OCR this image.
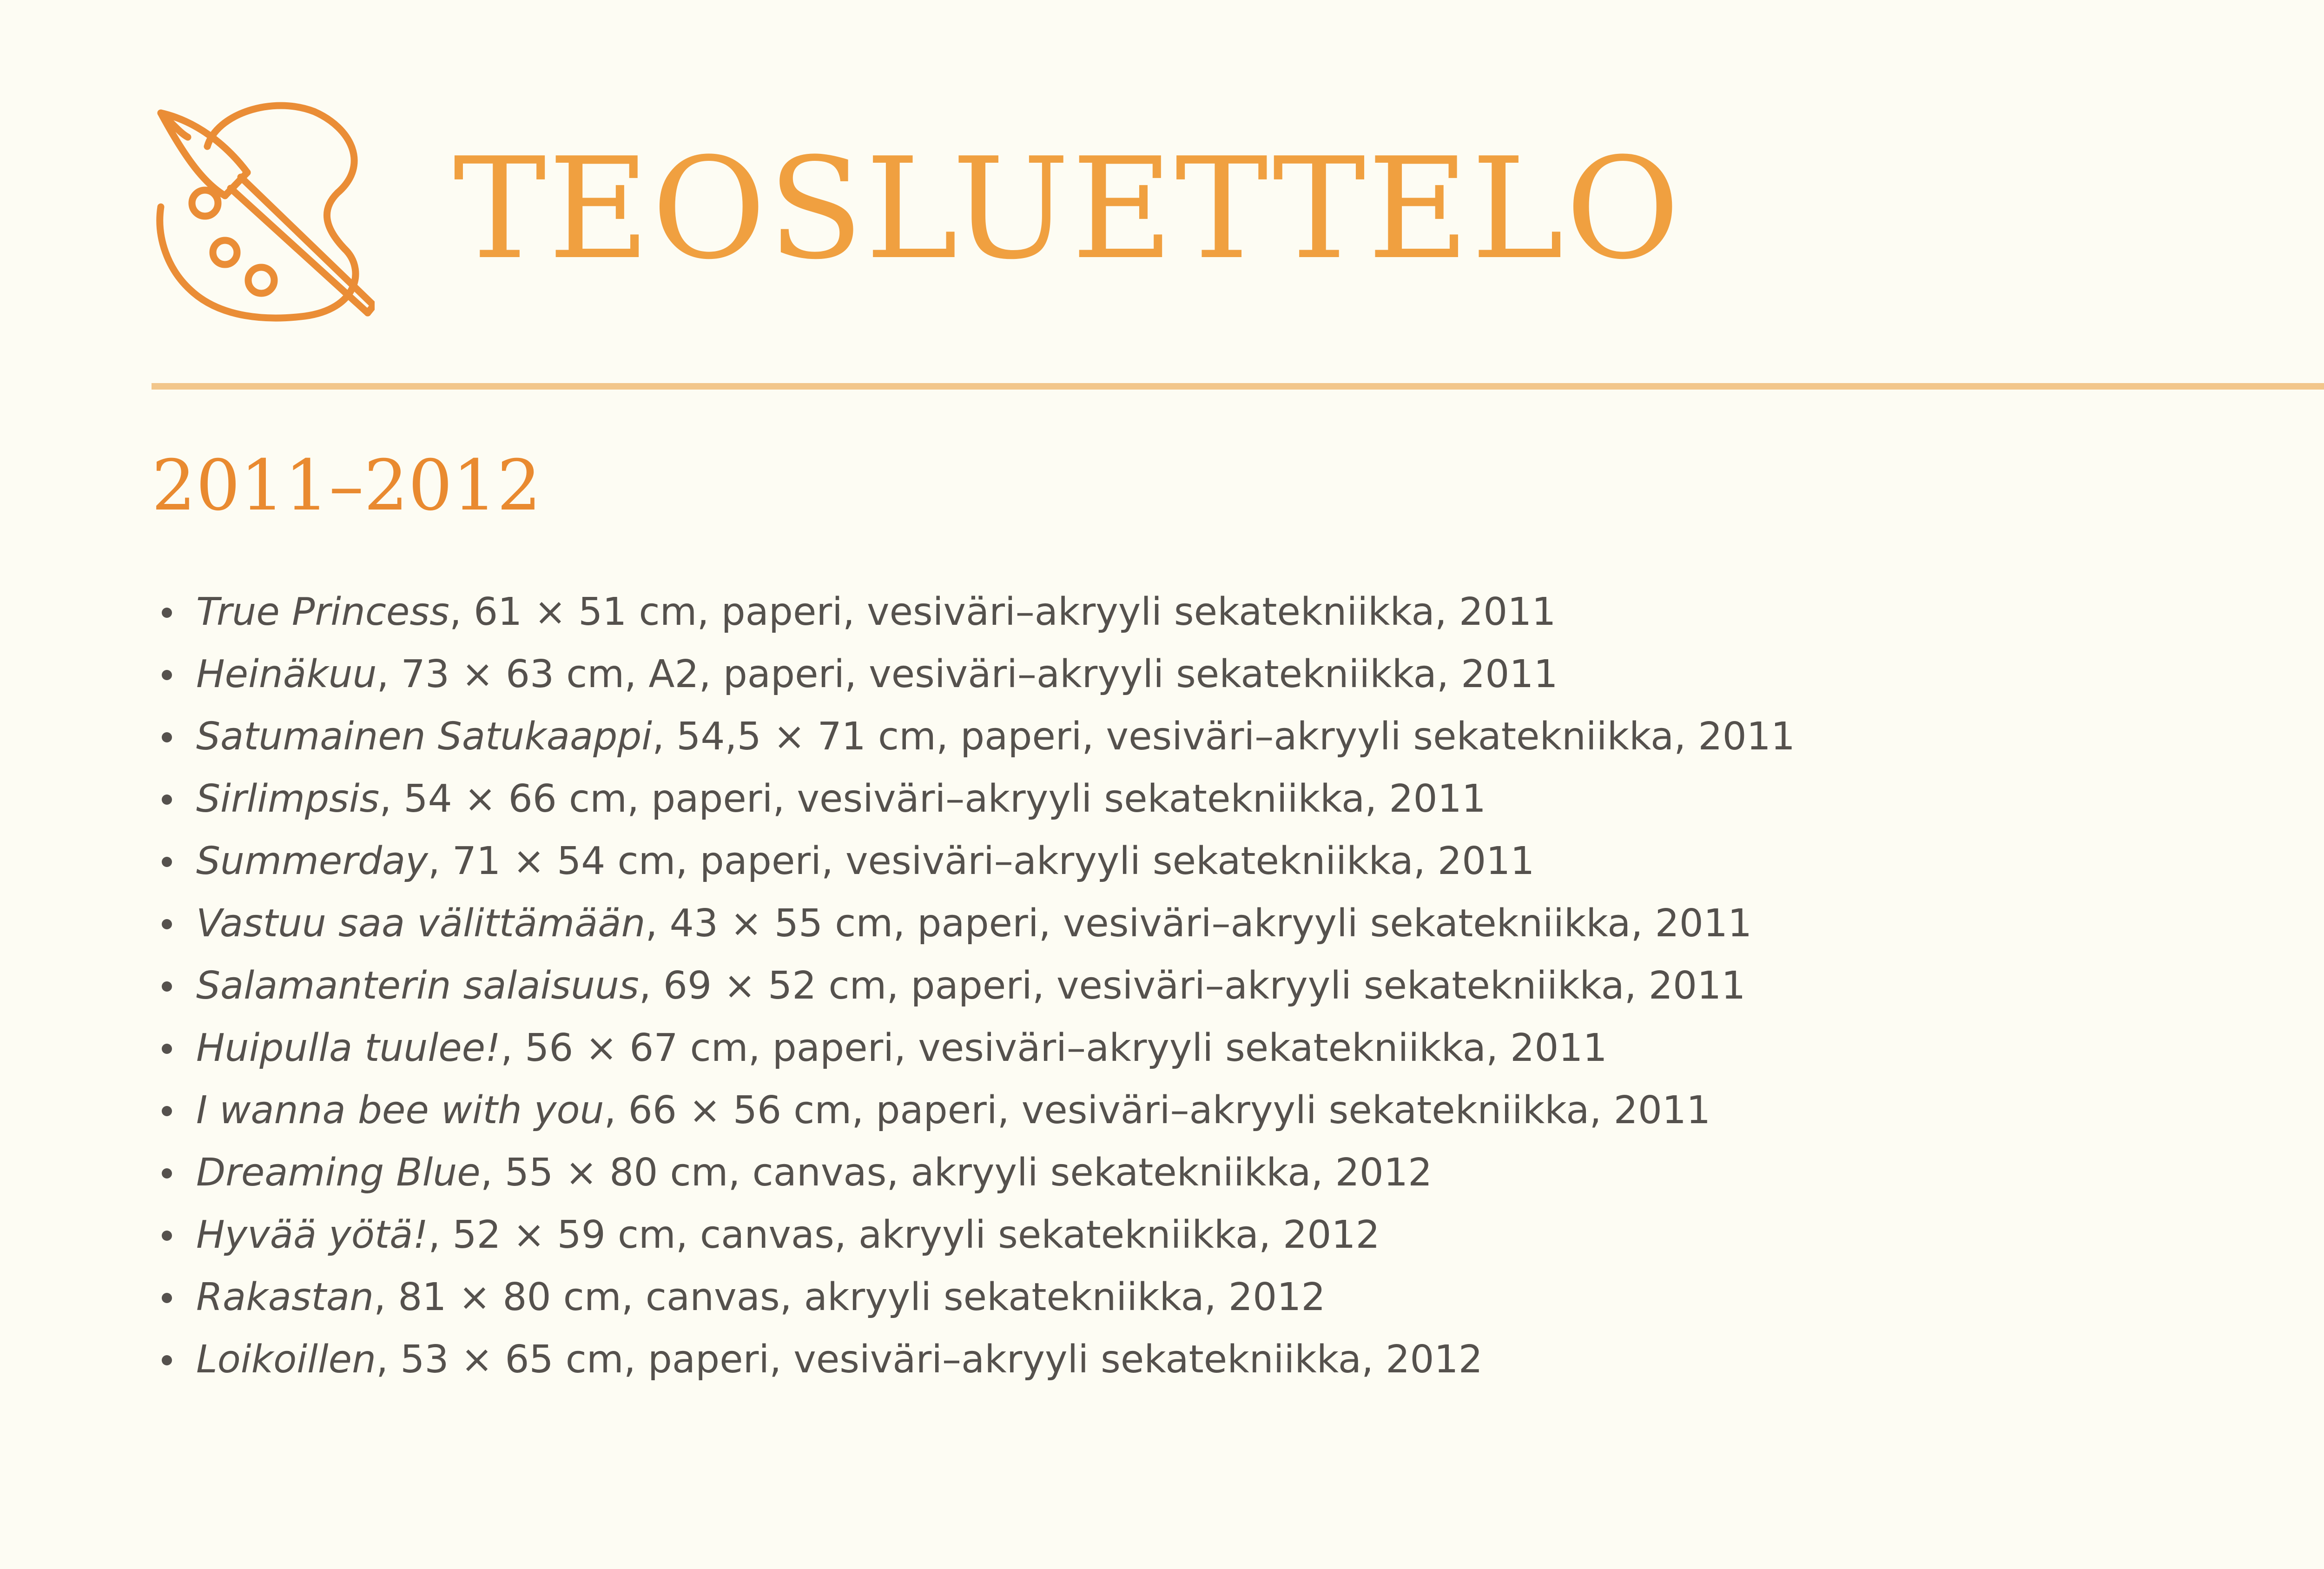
TEOSLUETTELO
2011–2012
True Princess, 61 × 51 cm, paperi, vesiväri–akryyli sekatekniikka, 2011
Heinäkuu, 73 × 63 cm, A2, paperi, vesiväri–akryyli sekatekniikka, 2011
Satumainen Satukaappi, 54,5 × 71 cm, paperi, vesiväri–akryyli sekatekniikka, 2011
Sirlimpsis, 54 × 66 cm, paperi, vesiväri–akryyli sekatekniikka, 2011
Summerday, 71 × 54 cm, paperi, vesiväri–akryyli sekatekniikka, 2011
Vastuu saa välittämään, 43 × 55 cm, paperi, vesiväri–akryyli sekatekniikka, 2011
Salamanterin salaisuus, 69 × 52 cm, paperi, vesiväri–akryyli sekatekniikka, 2011
Huipulla tuulee!, 56 × 67 cm, paperi, vesiväri–akryyli sekatekniikka, 2011
I wanna bee with you, 66 × 56 cm, paperi, vesiväri–akryyli sekatekniikka, 2011
Dreaming Blue, 55 × 80 cm, canvas, akryyli sekatekniikka, 2012
Hyvää yötä!, 52 × 59 cm, canvas, akryyli sekatekniikka, 2012
Rakastan, 81 × 80 cm, canvas, akryyli sekatekniikka, 2012
Loikoillen, 53 × 65 cm, paperi, vesiväri–akryyli sekatekniikka, 2012
